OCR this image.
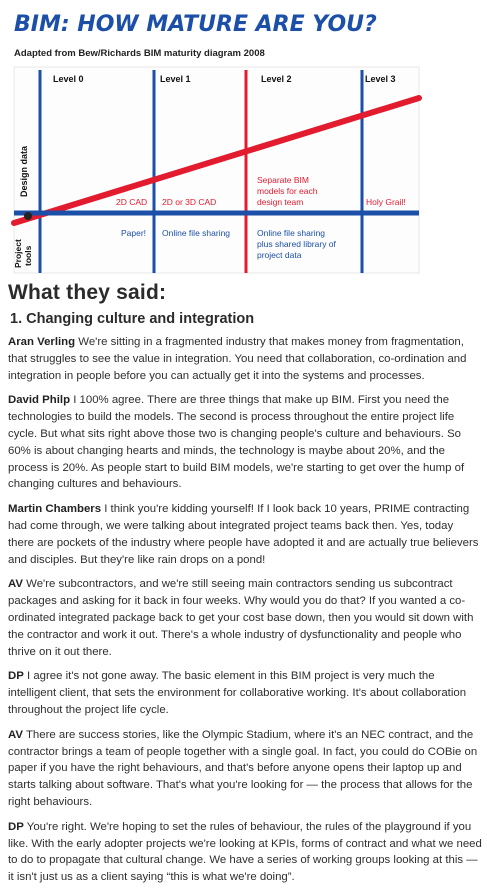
BIM: HOW MATURE ARE YOU?
Adapted from Bew/Richards BIM maturity diagram 2008
Level 0	Level 1	Level 2	Level 3
Design data
Project tools
2D CAD 2D or 3D CAD
Separate BIM
models for each
design team	Holy Grail!
Paper! Online file sharing	Online file sharing
plus shared library of
project data
What they said:
1. Changing culture and integration

Aran Verling We're sitting in a fragmented industry that makes money from fragmentation, that struggles to see the value in integration. You need that collaboration, co-ordination and integration in people before you can actually get it into the systems and processes.

David Philp I 100% agree. There are three things that make up BIM. First you need the technologies to build the models. The second is process throughout the entire project life cycle. But what sits right above those two is changing people's culture and behaviours. So 60% is about changing hearts and minds, the technology is maybe about 20%, and the process is 20%. As people start to build BIM models, we're starting to get over the hump of changing cultures and behaviours.

Martin Chambers I think you're kidding yourself! If I look back 10 years, PRIME contracting had come through, we were talking about integrated project teams back then. Yes, today there are pockets of the industry where people have adopted it and are actually true believers and disciples. But they're like rain drops on a pond!

AV We're subcontractors, and we're still seeing main contractors sending us subcontract packages and asking for it back in four weeks. Why would you do that? If you wanted a co-ordinated integrated package back to get your cost base down, then you would sit down with the contractor and work it out. There's a whole industry of dysfunctionality and people who thrive on it out there.

DP I agree it's not gone away. The basic element in this BIM project is very much the intelligent client, that sets the environment for collaborative working. It's about collaboration throughout the project life cycle.

AV There are success stories, like the Olympic Stadium, where it's an NEC contract, and the contractor brings a team of people together with a single goal. In fact, you could do COBie on paper if you have the right behaviours, and that's before anyone opens their laptop up and starts talking about software. That's what you're looking for — the process that allows for the right behaviours.

DP You're right. We're hoping to set the rules of behaviour, the rules of the playground if you like. With the early adopter projects we're looking at KPIs, forms of contract and what we need to do to propagate that cultural change. We have a series of working groups looking at this — it isn't just us as a client saying “this is what we're doing”.
